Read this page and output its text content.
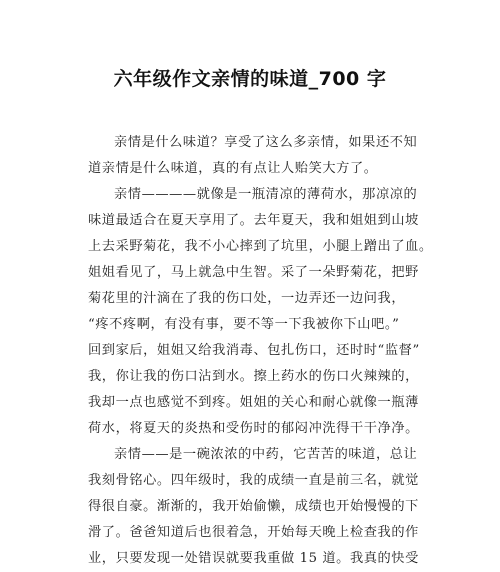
六年级作文亲情的味道_700 字
亲情是什么味道？享受了这么多亲情，如果还不知
道亲情是什么味道，真的有点让人贻笑大方了。
亲情————就像是一瓶清凉的薄荷水，那凉凉的
味道最适合在夏天享用了。去年夏天，我和姐姐到山坡
上去采野菊花，我不小心摔到了坑里，小腿上蹭出了血。
姐姐看见了，马上就急中生智。采了一朵野菊花，把野
菊花里的汁滴在了我的伤口处，一边弄还一边问我，
“疼不疼啊，有没有事，要不等一下我被你下山吧。”
回到家后，姐姐又给我消毒、包扎伤口，还时时“监督”
我，你让我的伤口沾到水。擦上药水的伤口火辣辣的，
我却一点也感觉不到疼。姐姐的关心和耐心就像一瓶薄
荷水，将夏天的炎热和受伤时的郁闷冲洗得干干净净。
亲情——是一碗浓浓的中药，它苦苦的味道，总让
我刻骨铭心。四年级时，我的成绩一直是前三名，就觉
得很自豪。渐渐的，我开始偷懒，成绩也开始慢慢的下
滑了。爸爸知道后也很着急，开始每天晚上检查我的作
业，只要发现一处错误就要我重做 15 道。我真的快受
